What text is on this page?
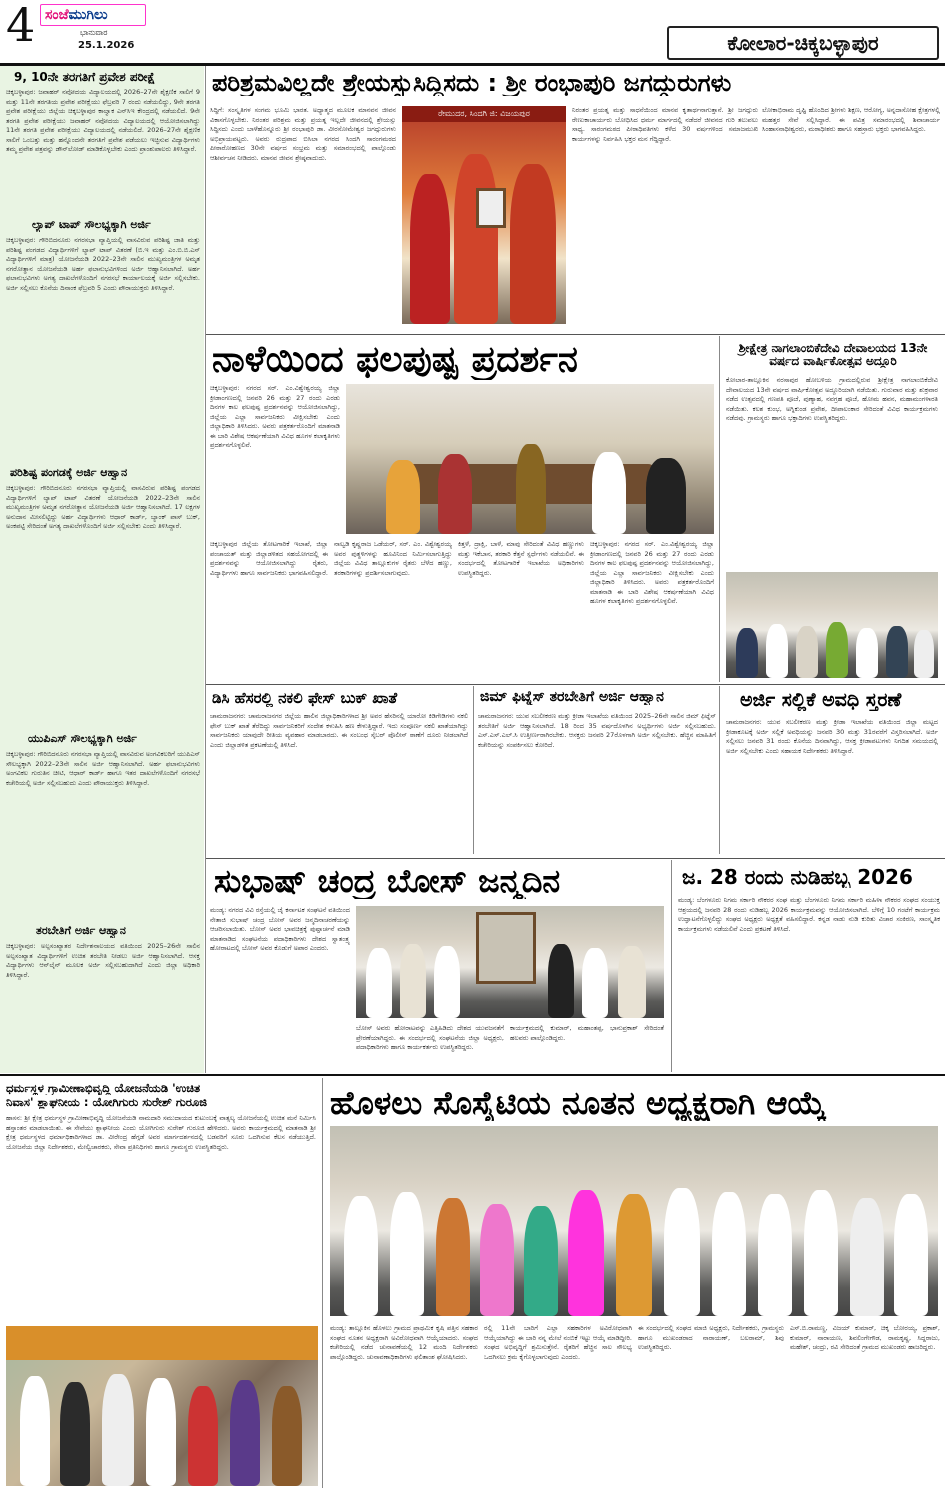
4 ಸಂಜೆಮುಗಿಲು
ಭಾನುವಾರ
25.1.2026	ಕೋಲಾರ-ಚಿಕ್ಕಬಳ್ಳಾಪುರ
9, 10ನೇ ತರಗತಿಗೆ ಪ್ರವೇಶ ಪರೀಕ್ಷೆ
ಚಿಕ್ಕಬಳ್ಳಾಪುರ: ಜವಾಹರ್ ನವೋದಯ ವಿದ್ಯಾಲಯದಲ್ಲಿ 2026–27ನೇ ಶೈಕ್ಷಣಿಕ ಸಾಲಿಗೆ 9 ಮತ್ತು 11ನೇ ತರಗತಿಯ ಪ್ರವೇಶ ಪರೀಕ್ಷೆಯು ಫೆಬ್ರವರಿ 7 ರಂದು ನಡೆಯಲಿದ್ದು, 9ನೇ ತರಗತಿ ಪ್ರವೇಶ ಪರೀಕ್ಷೆಯು ಜಿಲ್ಲೆಯ ಚಿಕ್ಕಬಳ್ಳಾಪುರ ಕಾಲ್ವಾಕ ಎನ್‌ಸಿಇ ಕೇಂದ್ರದಲ್ಲಿ ನಡೆಯಲಿದೆ. 9ನೇ ತರಗತಿ ಪ್ರವೇಶ ಪರೀಕ್ಷೆಯು ಜವಾಹರ್ ನವೋದಯ ವಿದ್ಯಾಲಯದಲ್ಲಿ ಆಯೋಜಿಸಲಾಗಿದ್ದು 11ನೇ ತರಗತಿ ಪ್ರವೇಶ ಪರೀಕ್ಷೆಯು ವಿದ್ಯಾಲಯದಲ್ಲಿ ನಡೆಯಲಿದೆ. 2026–27ನೇ ಶೈಕ್ಷಣಿಕ ಸಾಲಿಗೆ ಒಂಬತ್ತು ಮತ್ತು ಹನ್ನೊಂದನೇ ತರಗತಿಗೆ ಪ್ರವೇಶ ಪಡೆಯಲು ಇಚ್ಛಿಸುವ ವಿದ್ಯಾರ್ಥಿಗಳು ತಮ್ಮ ಪ್ರವೇಶ ಪತ್ರವನ್ನು ಡೌನ್‌ಲೋಡ್ ಮಾಡಿಕೊಳ್ಳಬೇಕು ಎಂದು ಪ್ರಾಂಶುಪಾಲರು ತಿಳಿಸಿದ್ದಾರೆ.
ಲ್ಯಾಪ್ ಟಾಪ್ ಸೌಲಭ್ಯಕ್ಕಾಗಿ ಅರ್ಜಿ
ಚಿಕ್ಕಬಳ್ಳಾಪುರ: ಗೌರಿಬಿದನೂರು ನಗರಸಭಾ ವ್ಯಾಪ್ತಿಯಲ್ಲಿ ವಾಸವಿರುವ ಪರಿಶಿಷ್ಟ ಜಾತಿ ಮತ್ತು ಪರಿಶಿಷ್ಟ ಪಂಗಡದ ವಿದ್ಯಾರ್ಥಿಗಳಿಗೆ ಲ್ಯಾಪ್ ಟಾಪ್ ವಿತರಣೆ (ಬಿ.ಇ ಮತ್ತು ಎಂ.ಬಿ.ಬಿ.ಎಸ್ ವಿದ್ಯಾರ್ಥಿಗಳಿಗೆ ಮಾತ್ರ) ಯೋಜನೆಯಡಿ 2022–23ನೇ ಸಾಲಿನ ಮುಖ್ಯಮಂತ್ರಿಗಳ ಅಮೃತ ನಗರೋತ್ಥಾನ ಯೋಜನೆಯಡಿ ಅರ್ಹ ಫಲಾನುಭವಿಗಳಿಂದ ಅರ್ಜಿ ಆಹ್ವಾನಿಸಲಾಗಿದೆ. ಅರ್ಹ ಫಲಾನುಭವಿಗಳು ಅಗತ್ಯ ದಾಖಲೆಗಳೊಂದಿಗೆ ನಗರಸಭೆ ಕಾರ್ಯಾಲಯಕ್ಕೆ ಅರ್ಜಿ ಸಲ್ಲಿಸಬೇಕು. ಅರ್ಜಿ ಸಲ್ಲಿಸಲು ಕೊನೆಯ ದಿನಾಂಕ ಫೆಬ್ರವರಿ 5 ಎಂದು ಪೌರಾಯುಕ್ತರು ತಿಳಿಸಿದ್ದಾರೆ.
ಪರಿಶಿಷ್ಟ ಪಂಗಡಕ್ಕೆ ಅರ್ಜಿ ಆಹ್ವಾನ
ಚಿಕ್ಕಬಳ್ಳಾಪುರ: ಗೌರಿಬಿದನೂರು ನಗರಸಭಾ ವ್ಯಾಪ್ತಿಯಲ್ಲಿ ವಾಸವಿರುವ ಪರಿಶಿಷ್ಟ ಪಂಗಡದ ವಿದ್ಯಾರ್ಥಿಗಳಿಗೆ ಲ್ಯಾಪ್ ಟಾಪ್ ವಿತರಣೆ ಯೋಜನೆಯಡಿ 2022–23ನೇ ಸಾಲಿನ ಮುಖ್ಯಮಂತ್ರಿಗಳ ಅಮೃತ ನಗರೋತ್ಥಾನ ಯೋಜನೆಯಡಿ ಅರ್ಜಿ ಆಹ್ವಾನಿಸಲಾಗಿದೆ. 17 ಲಕ್ಷಗಳ ಅನುದಾನ ಮೀಸಲಿಟ್ಟಿದ್ದು ಅರ್ಹ ವಿದ್ಯಾರ್ಥಿಗಳು ಆಧಾರ್ ಕಾರ್ಡ್, ಬ್ಯಾಂಕ್ ಪಾಸ್ ಬುಕ್, ಅಂಕಪಟ್ಟಿ ಸೇರಿದಂತೆ ಅಗತ್ಯ ದಾಖಲೆಗಳೊಂದಿಗೆ ಅರ್ಜಿ ಸಲ್ಲಿಸಬೇಕು ಎಂದು ತಿಳಿಸಿದ್ದಾರೆ.
ಯುಪಿಎಸ್ ಸೌಲಭ್ಯಕ್ಕಾಗಿ ಅರ್ಜಿ
ಚಿಕ್ಕಬಳ್ಳಾಪುರ: ಗೌರಿಬಿದನೂರು ನಗರಸಭಾ ವ್ಯಾಪ್ತಿಯಲ್ಲಿ ವಾಸವಿರುವ ಅಂಗವಿಕಲರಿಗೆ ಯುಪಿಎಸ್ ಸೌಲಭ್ಯಕ್ಕಾಗಿ 2022–23ನೇ ಸಾಲಿನ ಅರ್ಜಿ ಆಹ್ವಾನಿಸಲಾಗಿದೆ. ಅರ್ಹ ಫಲಾನುಭವಿಗಳು ಅಂಗವಿಕಲ ಗುರುತಿನ ಚೀಟಿ, ಆಧಾರ್ ಕಾರ್ಡ್ ಹಾಗೂ ಇತರ ದಾಖಲೆಗಳೊಂದಿಗೆ ನಗರಸಭೆ ಕಚೇರಿಯಲ್ಲಿ ಅರ್ಜಿ ಸಲ್ಲಿಸಬಹುದು ಎಂದು ಪೌರಾಯುಕ್ತರು ತಿಳಿಸಿದ್ದಾರೆ.
ತರಬೇತಿಗೆ ಅರ್ಜಿ ಆಹ್ವಾನ
ಚಿಕ್ಕಬಳ್ಳಾಪುರ: ಅಲ್ಪಸಂಖ್ಯಾತರ ನಿರ್ದೇಶನಾಲಯದ ವತಿಯಿಂದ 2025–26ನೇ ಸಾಲಿನ ಅಲ್ಪಸಂಖ್ಯಾತ ವಿದ್ಯಾರ್ಥಿಗಳಿಗೆ ಉಚಿತ ತರಬೇತಿ ನೀಡಲು ಅರ್ಜಿ ಆಹ್ವಾನಿಸಲಾಗಿದೆ. ಆಸಕ್ತ ವಿದ್ಯಾರ್ಥಿಗಳು ಆನ್‌ಲೈನ್ ಮೂಲಕ ಅರ್ಜಿ ಸಲ್ಲಿಸಬಹುದಾಗಿದೆ ಎಂದು ಜಿಲ್ಲಾ ಅಧಿಕಾರಿ ತಿಳಿಸಿದ್ದಾರೆ.
ಪರಿಶ್ರಮವಿಲ್ಲದೇ ಶ್ರೇಯಸ್ಸುಸಿದ್ಧಿಸದು : ಶ್ರೀ ರಂಭಾಪುರಿ ಜಗದ್ಗುರುಗಳು
ಸಿದ್ಧಿಗೆ: ಸಂಸ್ಕೃತಿಗಳ ಸಂಗಮ ಭೂಮಿ ಭಾರತ. ಅಧ್ಯಾತ್ಮದ ಮೂಲಕ ಮಾನವನ ಜೀವನ ವಿಕಾಸಗೊಳ್ಳಬೇಕು. ನಿರಂತರ ಪರಿಶ್ರಮ ಮತ್ತು ಪ್ರಯತ್ನ ಇಲ್ಲದೇ ಜೀವನದಲ್ಲಿ ಶ್ರೇಯಸ್ಸು ಸಿದ್ಧಿಸದು ಎಂದು ಬಾಳೆಹೊನ್ನೂರು ಶ್ರೀ ರಂಭಾಪುರಿ ಡಾ. ವೀರಸೋಮೇಶ್ವರ ಜಗದ್ಗುರುಗಳು ಅಭಿಪ್ರಾಯಪಟ್ಟರು. ಅವರು ರುದ್ರಪಾದ ಬಿಸಿಲಾ ನಗರದ ಸಿಂದಗಿ ಸಾರಂಗಮಠದ ಪೀಠಾರೋಹಣದ 30ನೇ ವರ್ಷದ ಸಂಭ್ರಮ ಮತ್ತು ಸಮಾರಂಭದಲ್ಲಿ ಪಾಲ್ಗೊಂಡು ಆಶೀರ್ವಚನ ನೀಡಿದರು. ಮಾನವ ಜೀವನ ಶ್ರೇಷ್ಠವಾದುದು.
ರೇಮುದರ, ಸಿಂದಗಿ ಜಿ: ವಿಜಯಪುರ	ನಿರಂತರ ಪ್ರಯತ್ನ ಮತ್ತು ಸಾಧನೆಯಿಂದ ಮಾನವ ಕೃತಾರ್ಥನಾಗುತ್ತಾನೆ. ಶ್ರೀ ಜಗದ್ಗುರು ರೇಣುಕಾಚಾರ್ಯರು ಬೋಧಿಸಿದ ಧರ್ಮ ಮಾರ್ಗದಲ್ಲಿ ನಡೆದರೆ ಜೀವನದ ಗುರಿ ತಲುಪಲು ಸಾಧ್ಯ. ಸಾರಂಗಮಠದ ಪೀಠಾಧಿಪತಿಗಳು ಕಳೆದ 30 ವರ್ಷಗಳಿಂದ ಸಮಾಜಮುಖಿ ಕಾರ್ಯಗಳನ್ನು ನಿರ್ವಹಿಸಿ ಭಕ್ತರ ಮನ ಗೆದ್ದಿದ್ದಾರೆ.
ಲೋಕಾಭಿರಾಮ ದೃಷ್ಟಿ ಹೊಂದಿದ ಶ್ರೀಗಳು ಶಿಕ್ಷಣ, ಆರೋಗ್ಯ, ಅನ್ನದಾಸೋಹ ಕ್ಷೇತ್ರಗಳಲ್ಲಿ ಮಹತ್ತರ ಸೇವೆ ಸಲ್ಲಿಸಿದ್ದಾರೆ. ಈ ಪವಿತ್ರ ಸಮಾರಂಭದಲ್ಲಿ ಶಿವಾಚಾರ್ಯ ಸಿಂಹಾಸನಾಧೀಶ್ವರರು, ಮಠಾಧೀಶರು ಹಾಗೂ ಸಹಸ್ರಾರು ಭಕ್ತರು ಭಾಗವಹಿಸಿದ್ದರು.
ನಾಳೆಯಿಂದ ಫಲಪುಷ್ಪ ಪ್ರದರ್ಶನ
ಚಿಕ್ಕಬಳ್ಳಾಪುರ: ನಗರದ ಸರ್. ಎಂ.ವಿಶ್ವೇಶ್ವರಯ್ಯ ಜಿಲ್ಲಾ ಕ್ರೀಡಾಂಗಣದಲ್ಲಿ ಜನವರಿ 26 ಮತ್ತು 27 ರಂದು ಎರಡು ದಿನಗಳ ಕಾಲ ಫಲಪುಷ್ಪ ಪ್ರದರ್ಶನವನ್ನು ಆಯೋಜಿಸಲಾಗಿದ್ದು, ಜಿಲ್ಲೆಯ ಎಲ್ಲಾ ಸಾರ್ವಜನಿಕರು ವೀಕ್ಷಿಸಬೇಕು ಎಂದು ಜಿಲ್ಲಾಧಿಕಾರಿ ತಿಳಿಸಿದರು. ಅವರು ಪತ್ರಕರ್ತರೊಂದಿಗೆ ಮಾತನಾಡಿ ಈ ಬಾರಿ ವಿಶೇಷ ಆಕರ್ಷಣೆಯಾಗಿ ವಿವಿಧ ಹೂಗಳ ಕಲಾಕೃತಿಗಳು ಪ್ರದರ್ಶನಗೊಳ್ಳಲಿವೆ.
ಚಿಕ್ಕಬಳ್ಳಾಪುರ ಜಿಲ್ಲೆಯ ತೋಟಗಾರಿಕೆ ಇಲಾಖೆ, ಜಿಲ್ಲಾ ಪಂಚಾಯತ್ ಮತ್ತು ಜಿಲ್ಲಾಡಳಿತದ ಸಹಯೋಗದಲ್ಲಿ ಈ ಪ್ರದರ್ಶನವನ್ನು ಆಯೋಜಿಸಲಾಗಿದ್ದು ರೈತರು, ವಿದ್ಯಾರ್ಥಿಗಳು ಹಾಗೂ ಸಾರ್ವಜನಿಕರು ಭಾಗವಹಿಸಲಿದ್ದಾರೆ.
ನಾಲ್ವಡಿ ಕೃಷ್ಣರಾಜ ಒಡೆಯರ್, ಸರ್. ಎಂ. ವಿಶ್ವೇಶ್ವರಯ್ಯ ಅವರ ಪುತ್ಥಳಿಗಳನ್ನು ಹೂವಿನಿಂದ ನಿರ್ಮಿಸಲಾಗುತ್ತಿದ್ದು ಜಿಲ್ಲೆಯ ವಿವಿಧ ತಾಲ್ಲೂಕುಗಳ ರೈತರು ಬೆಳೆದ ಹಣ್ಣು, ತರಕಾರಿಗಳನ್ನು ಪ್ರದರ್ಶಿಸಲಾಗುವುದು.
ಕಿತ್ತಳೆ, ದ್ರಾಕ್ಷಿ, ಬಾಳೆ, ಮಾವು ಸೇರಿದಂತೆ ವಿವಿಧ ಹಣ್ಣುಗಳು ಮತ್ತು ಇಕೆಬಾನ, ತರಕಾರಿ ಕೆತ್ತನೆ ಸ್ಪರ್ಧೆಗಳು ನಡೆಯಲಿವೆ. ಈ ಸಂದರ್ಭದಲ್ಲಿ ತೋಟಗಾರಿಕೆ ಇಲಾಖೆಯ ಅಧಿಕಾರಿಗಳು ಉಪಸ್ಥಿತರಿದ್ದರು.
ಚಿಕ್ಕಬಳ್ಳಾಪುರ: ನಗರದ ಸರ್. ಎಂ.ವಿಶ್ವೇಶ್ವರಯ್ಯ ಜಿಲ್ಲಾ ಕ್ರೀಡಾಂಗಣದಲ್ಲಿ ಜನವರಿ 26 ಮತ್ತು 27 ರಂದು ಎರಡು ದಿನಗಳ ಕಾಲ ಫಲಪುಷ್ಪ ಪ್ರದರ್ಶನವನ್ನು ಆಯೋಜಿಸಲಾಗಿದ್ದು, ಜಿಲ್ಲೆಯ ಎಲ್ಲಾ ಸಾರ್ವಜನಿಕರು ವೀಕ್ಷಿಸಬೇಕು ಎಂದು ಜಿಲ್ಲಾಧಿಕಾರಿ ತಿಳಿಸಿದರು. ಅವರು ಪತ್ರಕರ್ತರೊಂದಿಗೆ ಮಾತನಾಡಿ ಈ ಬಾರಿ ವಿಶೇಷ ಆಕರ್ಷಣೆಯಾಗಿ ವಿವಿಧ ಹೂಗಳ ಕಲಾಕೃತಿಗಳು ಪ್ರದರ್ಶನಗೊಳ್ಳಲಿವೆ.
ಶ್ರೀಕ್ಷೇತ್ರ ನಾಗಲಾಂಬಿಕೆದೇವಿ ದೇವಾಲಯದ 13ನೇ ವರ್ಷದ ವಾರ್ಷಿಕೋತ್ಸವ ಅದ್ದೂರಿ
ಕೋಲಾರ-ತಾಲ್ಲೂಕಿನ ನರಸಾಪುರ ಹೋಬಳಿಯ ಗ್ರಾಮದಲ್ಲಿರುವ ಶ್ರೀಕ್ಷೇತ್ರ ನಾಗಲಾಂಬಿಕೆದೇವಿ ದೇವಾಲಯದ 13ನೇ ವರ್ಷದ ವಾರ್ಷಿಕೋತ್ಸವ ಅದ್ದೂರಿಯಾಗಿ ನಡೆಯಿತು. ಗುರುವಾರ ಮತ್ತು ಶುಕ್ರವಾರ ನಡೆದ ಉತ್ಸವದಲ್ಲಿ ಗಣಪತಿ ಪೂಜೆ, ಪುಣ್ಯಾಹ, ನವಗ್ರಹ ಪೂಜೆ, ಹೋಮ ಹವನ, ಮಹಾಮಂಗಳಾರತಿ ನಡೆಯಿತು. ಕಲಶ ಕುಂಭ, ಅಗ್ನಿಕುಂಡ ಪ್ರವೇಶ, ದೀಪಾಲಂಕಾರ ಸೇರಿದಂತೆ ವಿವಿಧ ಕಾರ್ಯಕ್ರಮಗಳು ನಡೆದವು. ಗ್ರಾಮಸ್ಥರು ಹಾಗೂ ಭಕ್ತಾದಿಗಳು ಉಪಸ್ಥಿತರಿದ್ದರು.
ಡಿಸಿ ಹೆಸರಲ್ಲಿ ನಕಲಿ ಫೇಸ್ ಬುಕ್ ಖಾತೆ
ಚಾಮರಾಜನಗರ: ಚಾಮರಾಜನಗರ ಜಿಲ್ಲೆಯ ಹಾಲಿನ ಜಿಲ್ಲಾಧಿಕಾರಿಗಳಾದ ಶ್ರೀ ಅವರ ಹೆಸರಿನಲ್ಲಿ ಯಾರೋ ಕಿಡಿಗೇಡಿಗಳು ನಕಲಿ ಫೇಸ್ ಬುಕ್ ಖಾತೆ ತೆರೆದಿದ್ದು ಸಾರ್ವಜನಿಕರಿಗೆ ಸಂದೇಶ ಕಳುಹಿಸಿ ಹಣ ಕೇಳುತ್ತಿದ್ದಾರೆ. ಇದು ಸಂಪೂರ್ಣ ನಕಲಿ ಖಾತೆಯಾಗಿದ್ದು ಸಾರ್ವಜನಿಕರು ಯಾವುದೇ ರೀತಿಯ ವ್ಯವಹಾರ ಮಾಡಬಾರದು. ಈ ಸಂಬಂಧ ಸೈಬರ್ ಪೊಲೀಸ್ ಠಾಣೆಗೆ ದೂರು ನೀಡಲಾಗಿದೆ ಎಂದು ಜಿಲ್ಲಾಡಳಿತ ಪ್ರಕಟಣೆಯಲ್ಲಿ ತಿಳಿಸಿದೆ.
ಜಿಮ್ ಫಿಟ್ನೆಸ್ ತರಬೇತಿಗೆ ಅರ್ಜಿ ಆಹ್ವಾನ
ಚಾಮರಾಜನಗರ: ಯುವ ಸಬಲೀಕರಣ ಮತ್ತು ಕ್ರೀಡಾ ಇಲಾಖೆಯ ವತಿಯಿಂದ 2025–26ನೇ ಸಾಲಿನ ಜಿಮ್ ಫಿಟ್ನೆಸ್ ತರಬೇತಿಗೆ ಅರ್ಜಿ ಆಹ್ವಾನಿಸಲಾಗಿದೆ. 18 ರಿಂದ 35 ವರ್ಷದೊಳಗಿನ ಅಭ್ಯರ್ಥಿಗಳು ಅರ್ಜಿ ಸಲ್ಲಿಸಬಹುದು. ಎಸ್.ಎಸ್.ಎಲ್.ಸಿ ಉತ್ತೀರ್ಣರಾಗಿರಬೇಕು. ಆಸಕ್ತರು ಜನವರಿ 27ರೊಳಗಾಗಿ ಅರ್ಜಿ ಸಲ್ಲಿಸಬೇಕು. ಹೆಚ್ಚಿನ ಮಾಹಿತಿಗೆ ಕಚೇರಿಯನ್ನು ಸಂಪರ್ಕಿಸಲು ಕೋರಿದೆ.
ಅರ್ಜಿ ಸಲ್ಲಿಕೆ ಅವಧಿ ಸ್ತರಣೆ
ಚಾಮರಾಜನಗರ: ಯುವ ಸಬಲೀಕರಣ ಮತ್ತು ಕ್ರೀಡಾ ಇಲಾಖೆಯ ವತಿಯಿಂದ ಜಿಲ್ಲಾ ಮಟ್ಟದ ಕ್ರೀಡಾಕೂಟಕ್ಕೆ ಅರ್ಜಿ ಸಲ್ಲಿಕೆ ಅವಧಿಯನ್ನು ಜನವರಿ 30 ಮತ್ತು 31ರವರೆಗೆ ವಿಸ್ತರಿಸಲಾಗಿದೆ. ಅರ್ಜಿ ಸಲ್ಲಿಸಲು ಜನವರಿ 31 ರಂದು ಕೊನೆಯ ದಿನವಾಗಿದ್ದು, ಆಸಕ್ತ ಕ್ರೀಡಾಪಟುಗಳು ನಿಗದಿತ ಸಮಯದಲ್ಲಿ ಅರ್ಜಿ ಸಲ್ಲಿಸಬೇಕು ಎಂದು ಸಹಾಯಕ ನಿರ್ದೇಶಕರು ತಿಳಿಸಿದ್ದಾರೆ.
ಸುಭಾಷ್ ಚಂದ್ರ ಬೋಸ್ ಜನ್ಮದಿನ
ಮಂಡ್ಯ: ನಗರದ ವಿವಿ ರಸ್ತೆಯಲ್ಲಿ ಜೈ ಕರ್ನಾಟಕ ಸಂಘಟನೆ ವತಿಯಿಂದ ನೇತಾಜಿ ಸುಭಾಷ್ ಚಂದ್ರ ಬೋಸ್ ಅವರ ಜನ್ಮದಿನಾಚರಣೆಯನ್ನು ಆಚರಿಸಲಾಯಿತು. ಬೋಸ್ ಅವರ ಭಾವಚಿತ್ರಕ್ಕೆ ಪುಷ್ಪಾರ್ಚನೆ ಮಾಡಿ ಮಾತನಾಡಿದ ಸಂಘಟನೆಯ ಪದಾಧಿಕಾರಿಗಳು ದೇಶದ ಸ್ವಾತಂತ್ರ್ಯ ಹೋರಾಟದಲ್ಲಿ ಬೋಸ್ ಅವರ ಕೊಡುಗೆ ಅಪಾರ ಎಂದರು.
ಬೋಸ್ ಅವರು ಹೋರಾಟವನ್ನು ಎತ್ತಿಹಿಡಿದು ದೇಶದ ಯುವಜನತೆಗೆ ಪ್ರೇರಣೆಯಾಗಿದ್ದರು. ಈ ಸಂದರ್ಭದಲ್ಲಿ ಸಂಘಟನೆಯ ಜಿಲ್ಲಾ ಅಧ್ಯಕ್ಷರು, ಪದಾಧಿಕಾರಿಗಳು ಹಾಗೂ ಕಾರ್ಯಕರ್ತರು ಉಪಸ್ಥಿತರಿದ್ದರು.
ಕಾರ್ಯಕ್ರಮದಲ್ಲಿ ಕುಮಾರ್, ಮಹಾಂತಪ್ಪ, ಭಾನುಪ್ರಕಾಶ್ ಸೇರಿದಂತೆ ಹಲವರು ಪಾಲ್ಗೊಂಡಿದ್ದರು.
ಜ. 28 ರಂದು ನುಡಿಹಬ್ಬ 2026
ಮಂಡ್ಯ: ಬೆಂಗಳೂರು ನಿಗಮ ಸರ್ಕಾರಿ ನೌಕರರ ಸಂಘ ಮತ್ತು ಬೆಂಗಳೂರು ನಿಗಮ ಸರ್ಕಾರಿ ಮಹಿಳಾ ನೌಕರರ ಸಂಘದ ಸಂಯುಕ್ತ ಆಶ್ರಯದಲ್ಲಿ ಜನವರಿ 28 ರಂದು ನುಡಿಹಬ್ಬ 2026 ಕಾರ್ಯಕ್ರಮವನ್ನು ಆಯೋಜಿಸಲಾಗಿದೆ. ಬೆಳಿಗ್ಗೆ 10 ಗಂಟೆಗೆ ಕಾರ್ಯಕ್ರಮ ಉದ್ಘಾಟನೆಗೊಳ್ಳಲಿದ್ದು ಸಂಘದ ಅಧ್ಯಕ್ಷರು ಅಧ್ಯಕ್ಷತೆ ವಹಿಸಲಿದ್ದಾರೆ. ಕನ್ನಡ ನಾಡು ನುಡಿ ಕುರಿತು ವಿಚಾರ ಸಂಕಿರಣ, ಸಾಂಸ್ಕೃತಿಕ ಕಾರ್ಯಕ್ರಮಗಳು ನಡೆಯಲಿವೆ ಎಂದು ಪ್ರಕಟಣೆ ತಿಳಿಸಿದೆ.
ಧರ್ಮಸ್ಥಳ ಗ್ರಾಮೀಣಾಭಿವೃದ್ಧಿ ಯೋಜನೆಯಡಿ 'ಉಚಿತ
ನಿವಾಸ' ಶ್ಲಾಘನೀಯ : ಯೋಗಿಗುರು ಸುರೇಶ್ ಗುರೂಜಿ
ಹಾಸನ: ಶ್ರೀ ಕ್ಷೇತ್ರ ಧರ್ಮಸ್ಥಳ ಗ್ರಾಮೀಣಾಭಿವೃದ್ಧಿ ಯೋಜನೆಯಡಿ ನಾಮದಾರಿ ಸಮುದಾಯದ ಕುಟುಂಬಕ್ಕೆ ವಾತ್ಸಲ್ಯ ಯೋಜನೆಯಲ್ಲಿ ಉಚಿತ ಮನೆ ನಿರ್ಮಿಸಿ ಹಸ್ತಾಂತರ ಮಾಡಲಾಯಿತು. ಈ ಸೇವೆಯು ಶ್ಲಾಘನೀಯ ಎಂದು ಯೋಗಿಗುರು ಸುರೇಶ್ ಗುರೂಜಿ ಹೇಳಿದರು. ಅವರು ಕಾರ್ಯಕ್ರಮದಲ್ಲಿ ಮಾತನಾಡಿ ಶ್ರೀ ಕ್ಷೇತ್ರ ಧರ್ಮಸ್ಥಳದ ಧರ್ಮಾಧಿಕಾರಿಗಳಾದ ಡಾ. ವೀರೇಂದ್ರ ಹೆಗ್ಗಡೆ ಅವರ ಮಾರ್ಗದರ್ಶನದಲ್ಲಿ ಬಡವರಿಗೆ ಸೂರು ಒದಗಿಸುವ ಕೆಲಸ ನಡೆಯುತ್ತಿದೆ. ಯೋಜನೆಯ ಜಿಲ್ಲಾ ನಿರ್ದೇಶಕರು, ಮೇಲ್ವಿಚಾರಕರು, ಸೇವಾ ಪ್ರತಿನಿಧಿಗಳು ಹಾಗೂ ಗ್ರಾಮಸ್ಥರು ಉಪಸ್ಥಿತರಿದ್ದರು.
ಹೊಳಲು ಸೊಸೈಟಿಯ ನೂತನ ಅಧ್ಯಕ್ಷರಾಗಿ ಆಯ್ಕೆ
ಮಂಡ್ಯ: ತಾಲ್ಲೂಕಿನ ಹೊಳಲು ಗ್ರಾಮದ ಪ್ರಾಥಮಿಕ ಕೃಷಿ ಪತ್ತಿನ ಸಹಕಾರ ಸಂಘದ ನೂತನ ಅಧ್ಯಕ್ಷರಾಗಿ ಅವಿರೋಧವಾಗಿ ಆಯ್ಕೆಯಾದರು. ಸಂಘದ ಕಚೇರಿಯಲ್ಲಿ ನಡೆದ ಚುನಾವಣೆಯಲ್ಲಿ 12 ಮಂದಿ ನಿರ್ದೇಶಕರು ಪಾಲ್ಗೊಂಡಿದ್ದರು. ಚುನಾವಣಾಧಿಕಾರಿಗಳು ಫಲಿತಾಂಶ ಘೋಷಿಸಿದರು.
ರಲ್ಲಿ 11ನೇ ಬಾರಿಗೆ ಎಲ್ಲಾ ಸಹಕಾರಿಗಳ ಅವಿರೋಧವಾಗಿ ಆಯ್ಕೆಯಾಗಿದ್ದು ಈ ಬಾರಿ ನನ್ನ ಮೇಲೆ ನಂಬಿಕೆ ಇಟ್ಟು ಆಯ್ಕೆ ಮಾಡಿದ್ದೀರಿ. ಸಂಘದ ಅಭಿವೃದ್ಧಿಗೆ ಶ್ರಮಿಸುತ್ತೇನೆ. ರೈತರಿಗೆ ಹೆಚ್ಚಿನ ಸಾಲ ಸೌಲಭ್ಯ ಒದಗಿಸಲು ಕ್ರಮ ಕೈಗೊಳ್ಳಲಾಗುವುದು ಎಂದರು.
ಈ ಸಂದರ್ಭದಲ್ಲಿ ಸಂಘದ ಮಾಜಿ ಅಧ್ಯಕ್ಷರು, ನಿರ್ದೇಶಕರು, ಗ್ರಾಮಸ್ಥರು ಹಾಗೂ ಮುಖಂಡರಾದ ನಾರಾಯಣ್, ಬಲರಾಮ್, ಶಿವು ಉಪಸ್ಥಿತರಿದ್ದರು.
ಎಸ್.ಬಿ.ರಾಮಣ್ಣ, ವಿಜಯ್ ಕುಮಾರ್, ಚಿಕ್ಕ ಬೋರಯ್ಯ, ಪ್ರಕಾಶ್, ಕುಮಾರ್, ನಾರಾಯಣ, ಶಿವಲಿಂಗೇಗೌಡ, ರಾಮಕೃಷ್ಣ, ಸಿದ್ದರಾಜು, ಮಹೇಶ್, ಚಂದ್ರು, ರವಿ ಸೇರಿದಂತೆ ಗ್ರಾಮದ ಮುಖಂಡರು ಹಾಜರಿದ್ದರು.
